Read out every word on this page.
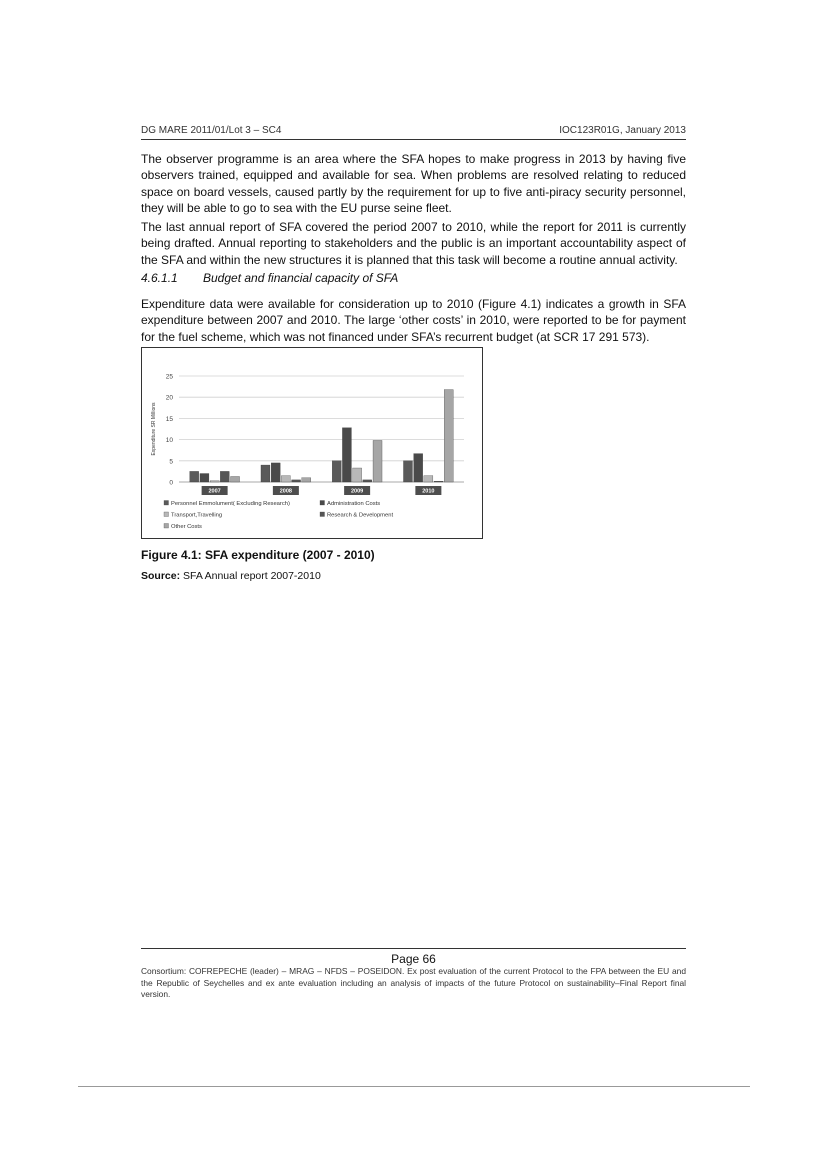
DG MARE 2011/01/Lot 3 – SC4	IOC123R01G, January 2013

The observer programme is an area where the SFA hopes to make progress in 2013 by having five observers trained, equipped and available for sea. When problems are resolved relating to reduced space on board vessels, caused partly by the requirement for up to five anti-piracy security personnel, they will be able to go to sea with the EU purse seine fleet.

The last annual report of SFA covered the period 2007 to 2010, while the report for 2011 is currently being drafted. Annual reporting to stakeholders and the public is an important accountability aspect of the SFA and within the new structures it is planned that this task will become a routine annual activity.

4.6.1.1 Budget and financial capacity of SFA

Expenditure data were available for consideration up to 2010 (Figure 4.1) indicates a growth in SFA expenditure between 2007 and 2010. The large ‘other costs’ in 2010, were reported to be for payment for the fuel scheme, which was not financed under SFA’s recurrent budget (at SCR 17 291 573).

0
5
10
15
20
25
Expenditure SR Millions
2007	2008	2009	2010
Personnel Emmolument( Excluding Research)	Administration Costs
Transport,Travelling	Research & Development
Other Costs
Figure 4.1: SFA expenditure (2007 - 2010)
Source: SFA Annual report 2007-2010
Page 66
Consortium: COFREPECHE (leader) – MRAG – NFDS – POSEIDON. Ex post evaluation of the current Protocol to the FPA between the EU and the Republic of Seychelles and ex ante evaluation including an analysis of impacts of the future Protocol on sustainability–Final Report final version.
